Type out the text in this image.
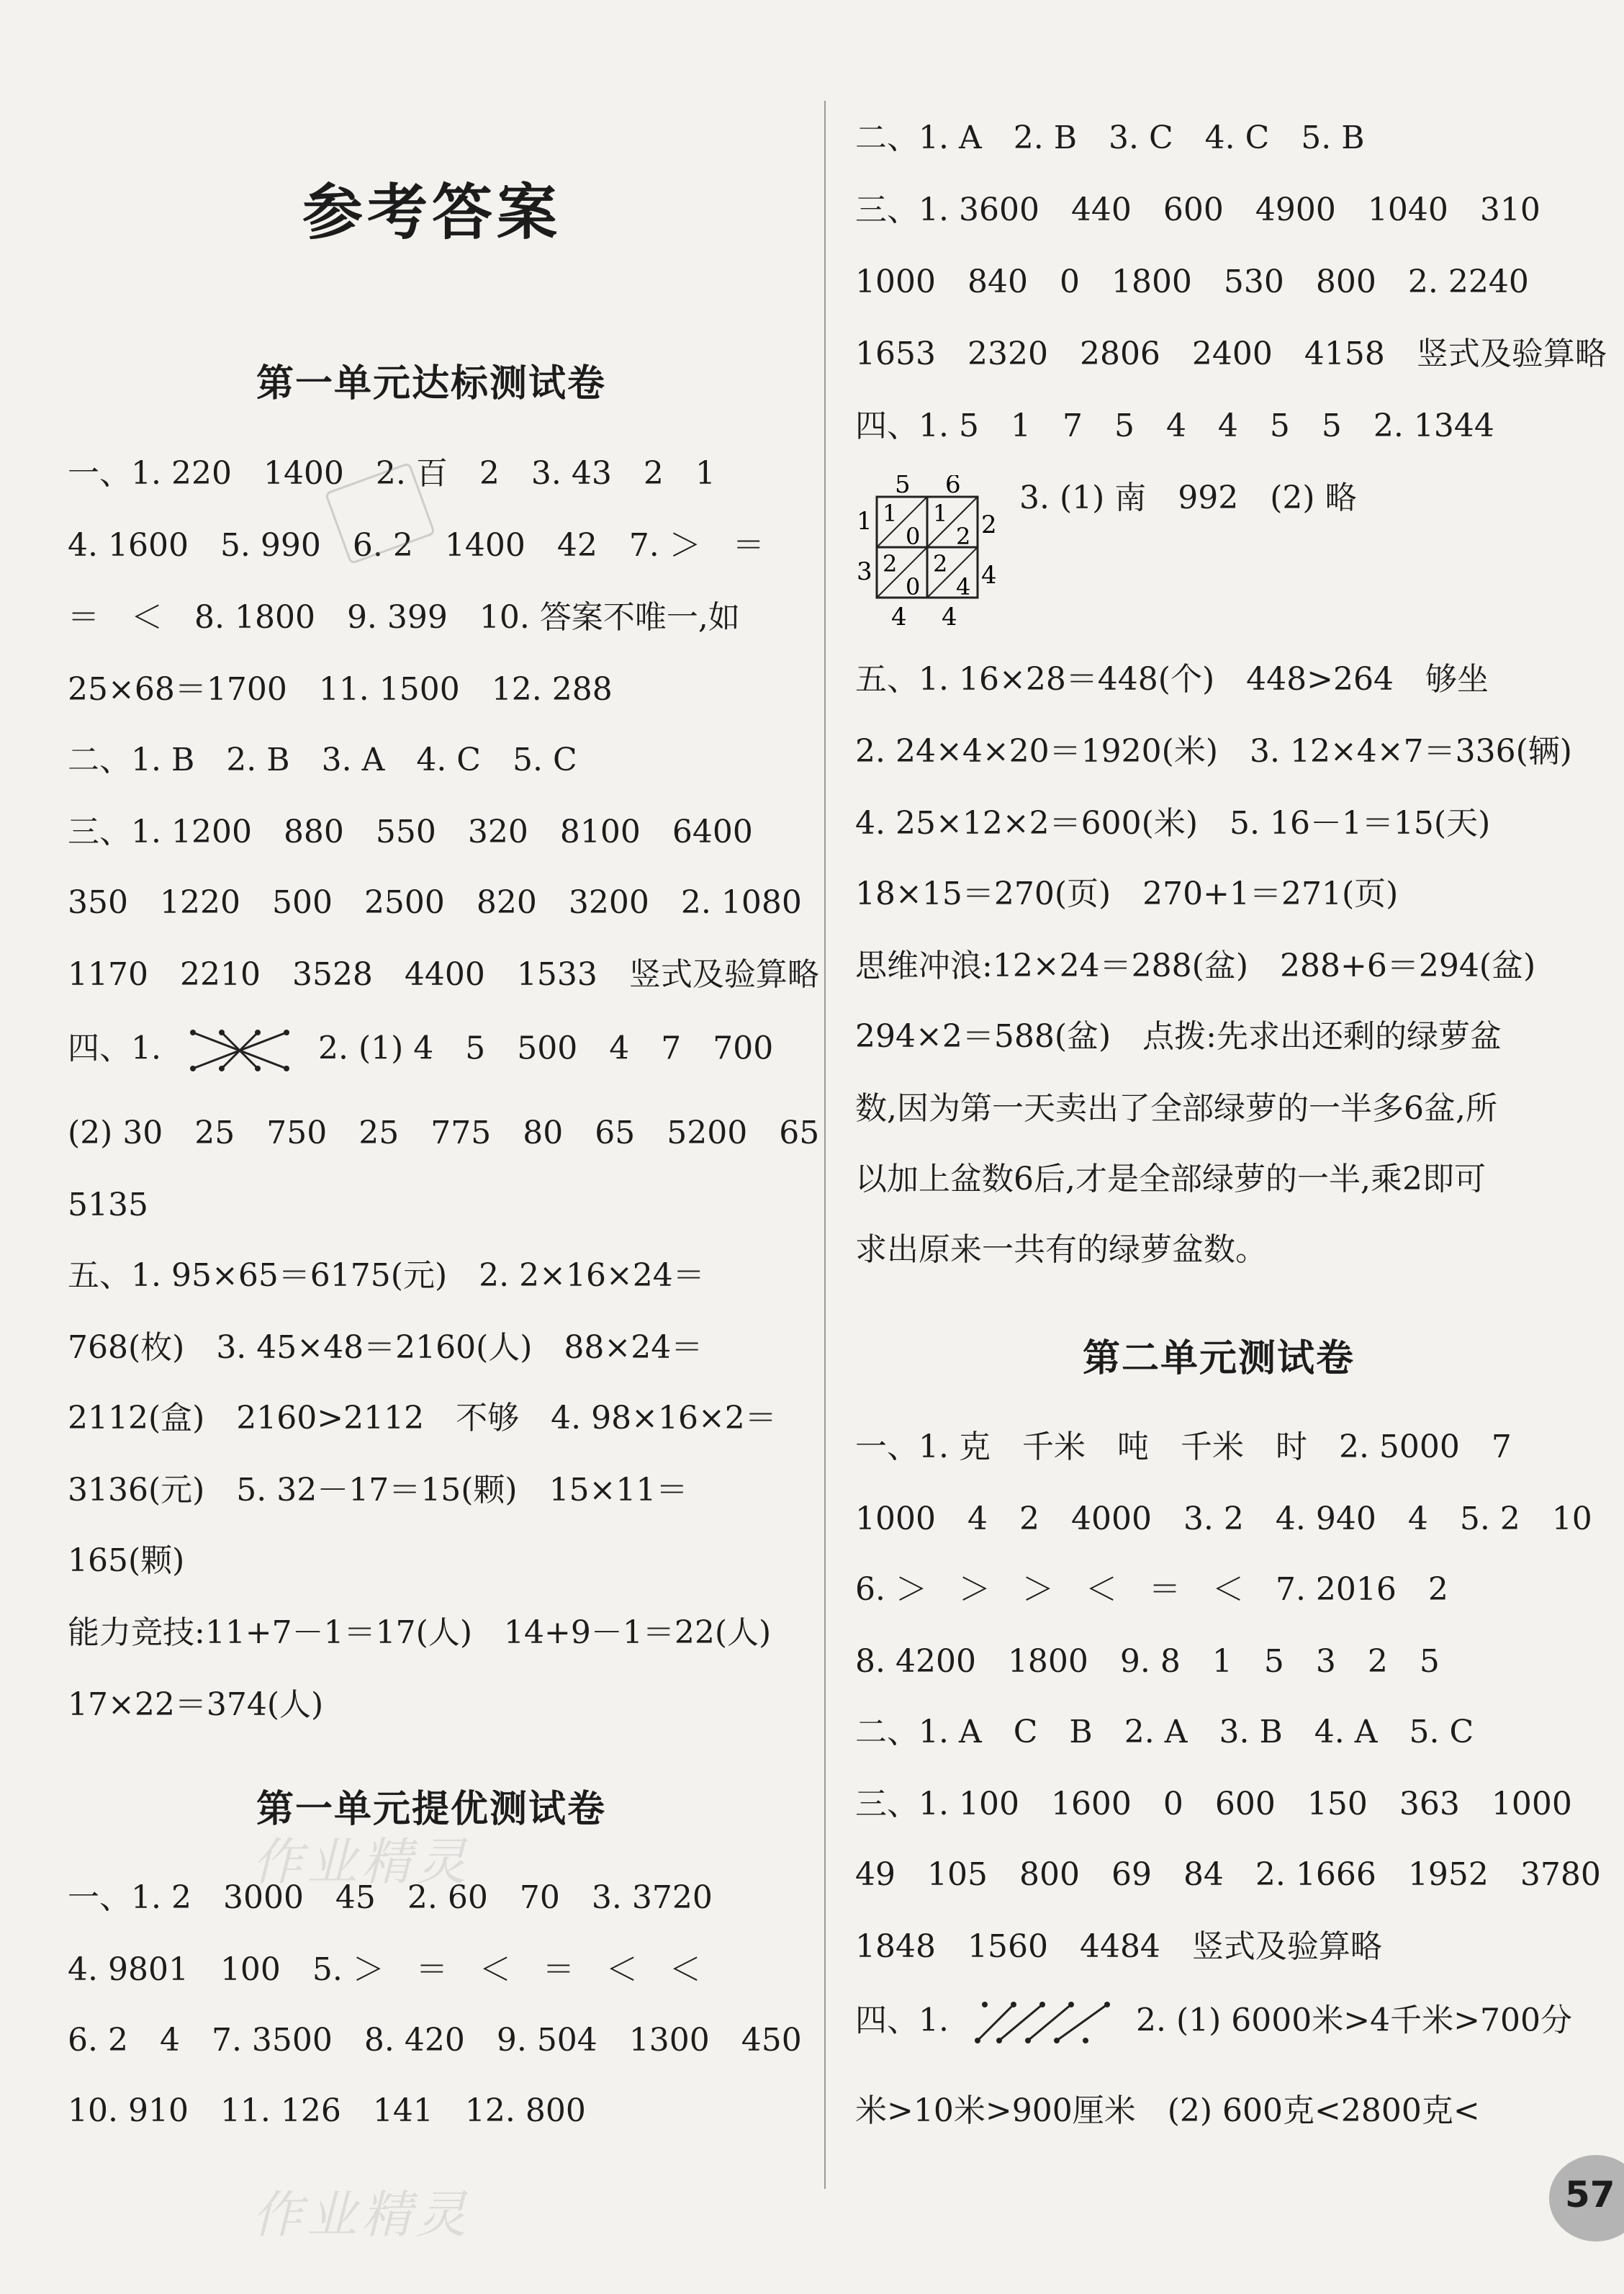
参考答案
第一单元达标测试卷
一、1. 220　1400　2. 百　2　3. 43　2　1
4. 1600　5. 990　6. 2　1400　42　7. ＞　＝
＝　＜　8. 1800　9. 399　10. 答案不唯一,如
25×68＝1700　11. 1500　12. 288
二、1. B　2. B　3. A　4. C　5. C
三、1. 1200　880　550　320　8100　6400
350　1220　500　2500　820　3200　2. 1080
1170　2210　3528　4400　1533　竖式及验算略
四、1.	2. (1) 4　5　500　4　7　700
(2) 30　25　750　25　775　80　65　5200　65
5135
五、1. 95×65＝6175(元)　2. 2×16×24＝
768(枚)　3. 45×48＝2160(人)　88×24＝
2112(盒)　2160>2112　不够　4. 98×16×2＝
3136(元)　5. 32－17＝15(颗)　15×11＝
165(颗)
能力竞技:11+7－1＝17(人)　14+9－1＝22(人)
17×22＝374(人)
第一单元提优测试卷
一、1. 2　3000　45　2. 60　70　3. 3720
4. 9801　100　5. ＞　＝　＜　＝　＜　＜
6. 2　4　7. 3500　8. 420　9. 504　1300　450
10. 910　11. 126　141　12. 800
二、1. A　2. B　3. C　4. C　5. B
三、1. 3600　440　600　4900　1040　310
1000　840　0　1800　530　800　2. 2240
1653　2320　2806　2400　4158　竖式及验算略
四、1. 5　1　7　5　4　4　5　5　2. 1344
5 6
1
3
2
4
4 4
1
0
1
2
2
0
2
4
3. (1) 南　992　(2) 略
五、1. 16×28＝448(个)　448>264　够坐
2. 24×4×20＝1920(米)　3. 12×4×7＝336(辆)
4. 25×12×2＝600(米)　5. 16－1＝15(天)
18×15＝270(页)　270+1＝271(页)
思维冲浪:12×24＝288(盆)　288+6＝294(盆)
294×2＝588(盆)　点拨:先求出还剩的绿萝盆
数,因为第一天卖出了全部绿萝的一半多6盆,所
以加上盆数6后,才是全部绿萝的一半,乘2即可
求出原来一共有的绿萝盆数。
第二单元测试卷
一、1. 克　千米　吨　千米　时　2. 5000　7
1000　4　2　4000　3. 2　4. 940　4　5. 2　10
6. ＞　＞　＞　＜　＝　＜　7. 2016　2
8. 4200　1800　9. 8　1　5　3　2　5
二、1. A　C　B　2. A　3. B　4. A　5. C
三、1. 100　1600　0　600　150　363　1000
49　105　800　69　84　2. 1666　1952　3780
1848　1560　4484　竖式及验算略
四、1.	2. (1) 6000米>4千米>700分
米>10米>900厘米　(2) 600克<2800克<
作业精灵
作业精灵	57
